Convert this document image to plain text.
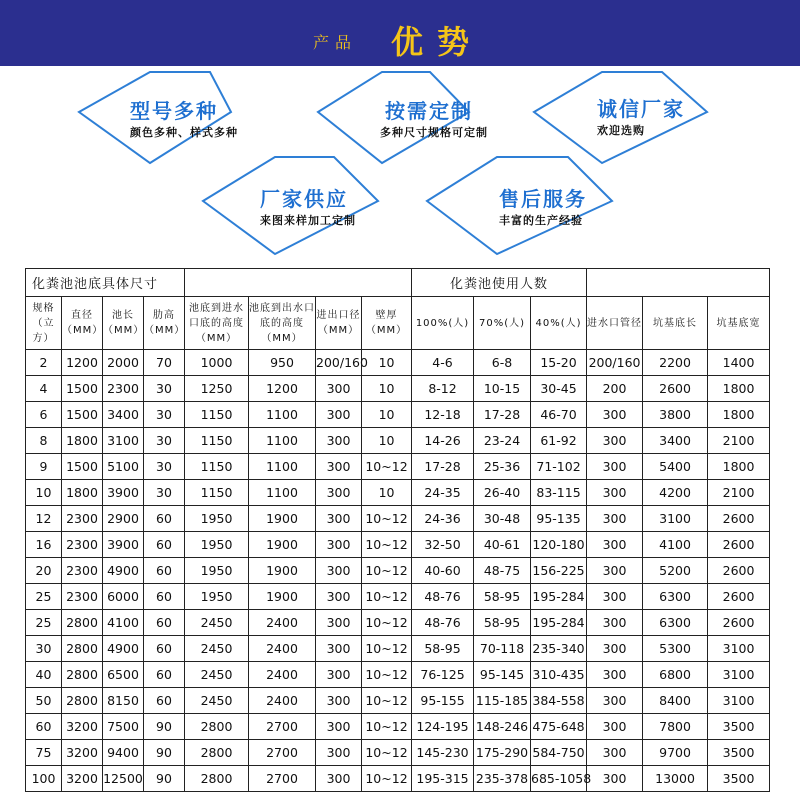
产品 优势
型号多种
颜色多种、样式多种
按需定制
多种尺寸规格可定制
诚信厂家
欢迎选购
厂家供应
来图来样加工定制
售后服务
丰富的生产经验
化粪池池底具体尺寸								化粪池使用人数					
规格（立方）	直径（MM）	池长（MM）	肋高（MM）	池底到进水口底的高度（MM）	池底到出水口底的高度（MM）	进出口径（MM）	壁厚（MM）	100%(人)	70%(人)	40%(人)	进水口管径	坑基底长	坑基底宽
2	1200	2000	70	1000	950	200/160	10	4-6	6-8	15-20	200/160	2200	1400
4	1500	2300	30	1250	1200	300	10	8-12	10-15	30-45	200	2600	1800
6	1500	3400	30	1150	1100	300	10	12-18	17-28	46-70	300	3800	1800
8	1800	3100	30	1150	1100	300	10	14-26	23-24	61-92	300	3400	2100
9	1500	5100	30	1150	1100	300	10~12	17-28	25-36	71-102	300	5400	1800
10	1800	3900	30	1150	1100	300	10	24-35	26-40	83-115	300	4200	2100
12	2300	2900	60	1950	1900	300	10~12	24-36	30-48	95-135	300	3100	2600
16	2300	3900	60	1950	1900	300	10~12	32-50	40-61	120-180	300	4100	2600
20	2300	4900	60	1950	1900	300	10~12	40-60	48-75	156-225	300	5200	2600
25	2300	6000	60	1950	1900	300	10~12	48-76	58-95	195-284	300	6300	2600
25	2800	4100	60	2450	2400	300	10~12	48-76	58-95	195-284	300	6300	2600
30	2800	4900	60	2450	2400	300	10~12	58-95	70-118	235-340	300	5300	3100
40	2800	6500	60	2450	2400	300	10~12	76-125	95-145	310-435	300	6800	3100
50	2800	8150	60	2450	2400	300	10~12	95-155	115-185	384-558	300	8400	3100
60	3200	7500	90	2800	2700	300	10~12	124-195	148-246	475-648	300	7800	3500
75	3200	9400	90	2800	2700	300	10~12	145-230	175-290	584-750	300	9700	3500
100	3200	12500	90	2800	2700	300	10~12	195-315	235-378	685-1058	300	13000	3500
